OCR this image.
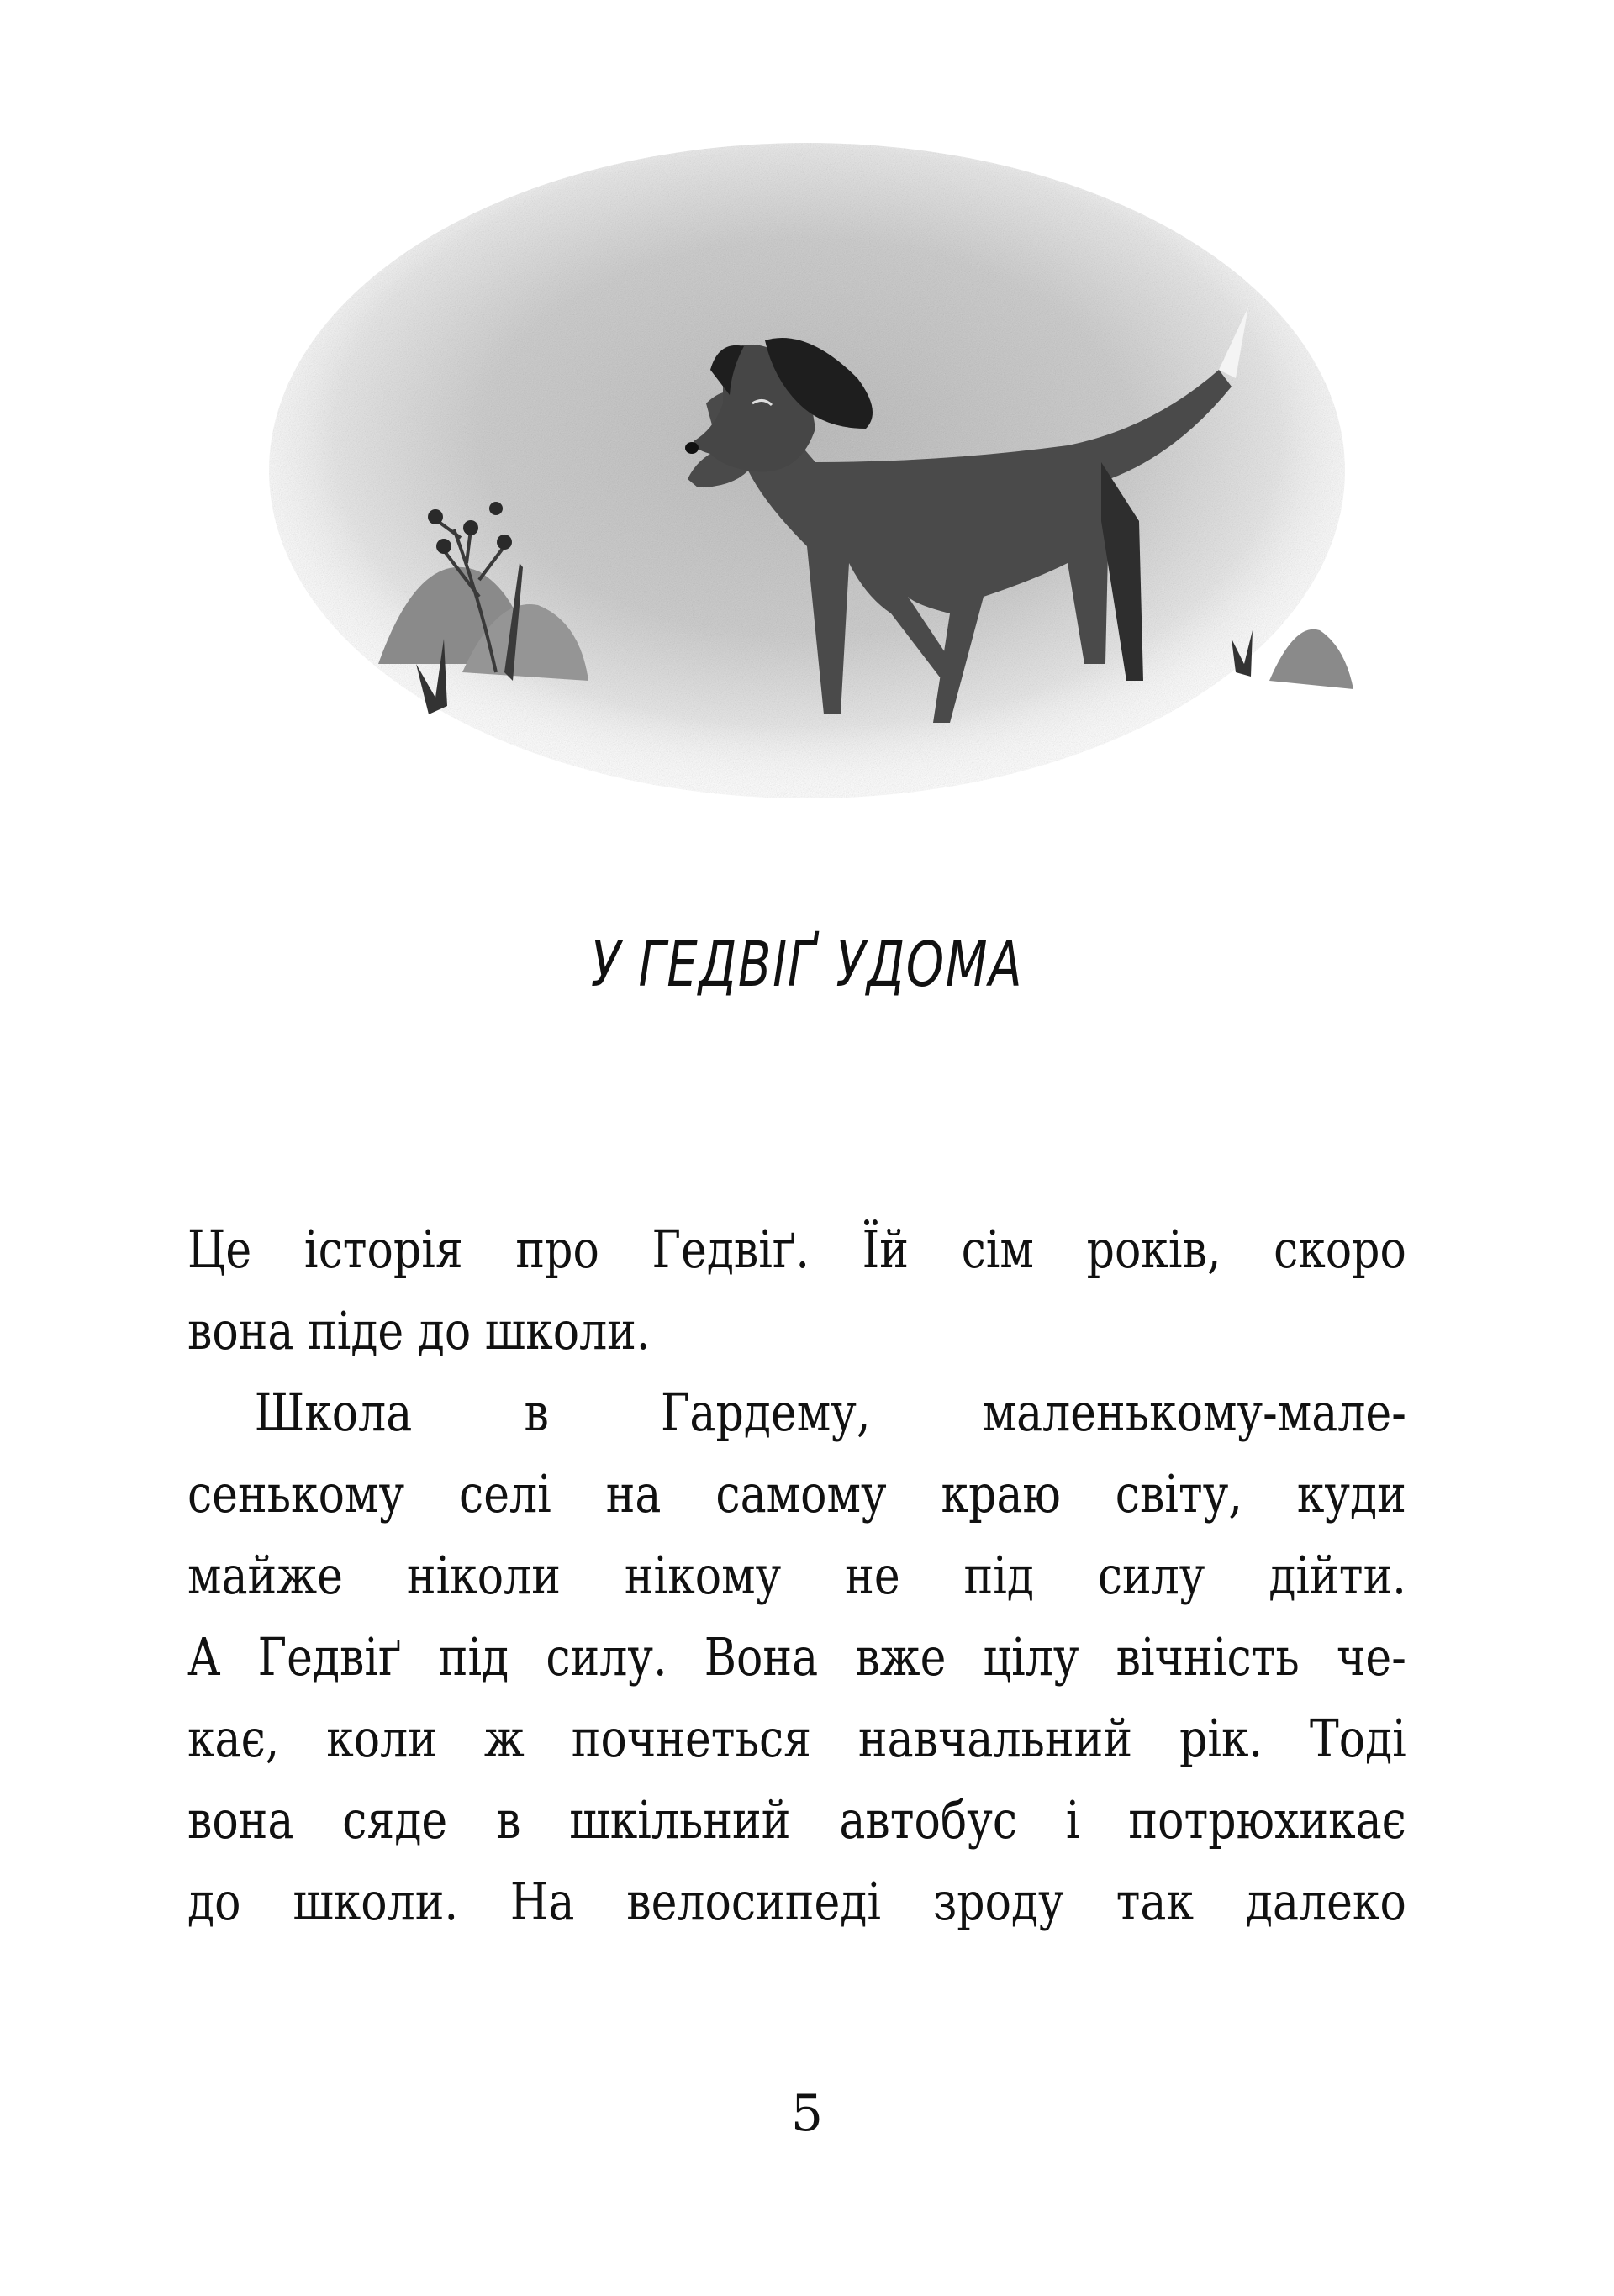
У ГЕДВІҐ УДОМА
Це історія про Гедвіґ. Їй сім років, скоро
вона піде до школи.
Школа в Гардему, маленькому-мале-
сенькому селі на самому краю світу, куди
майже ніколи нікому не під силу дійти.
А Гедвіґ під силу. Вона вже цілу вічність че-
кає, коли ж почнеться навчальний рік. Тоді
вона сяде в шкільний автобус і потрюхикає
до школи. На велосипеді зроду так далеко
5
